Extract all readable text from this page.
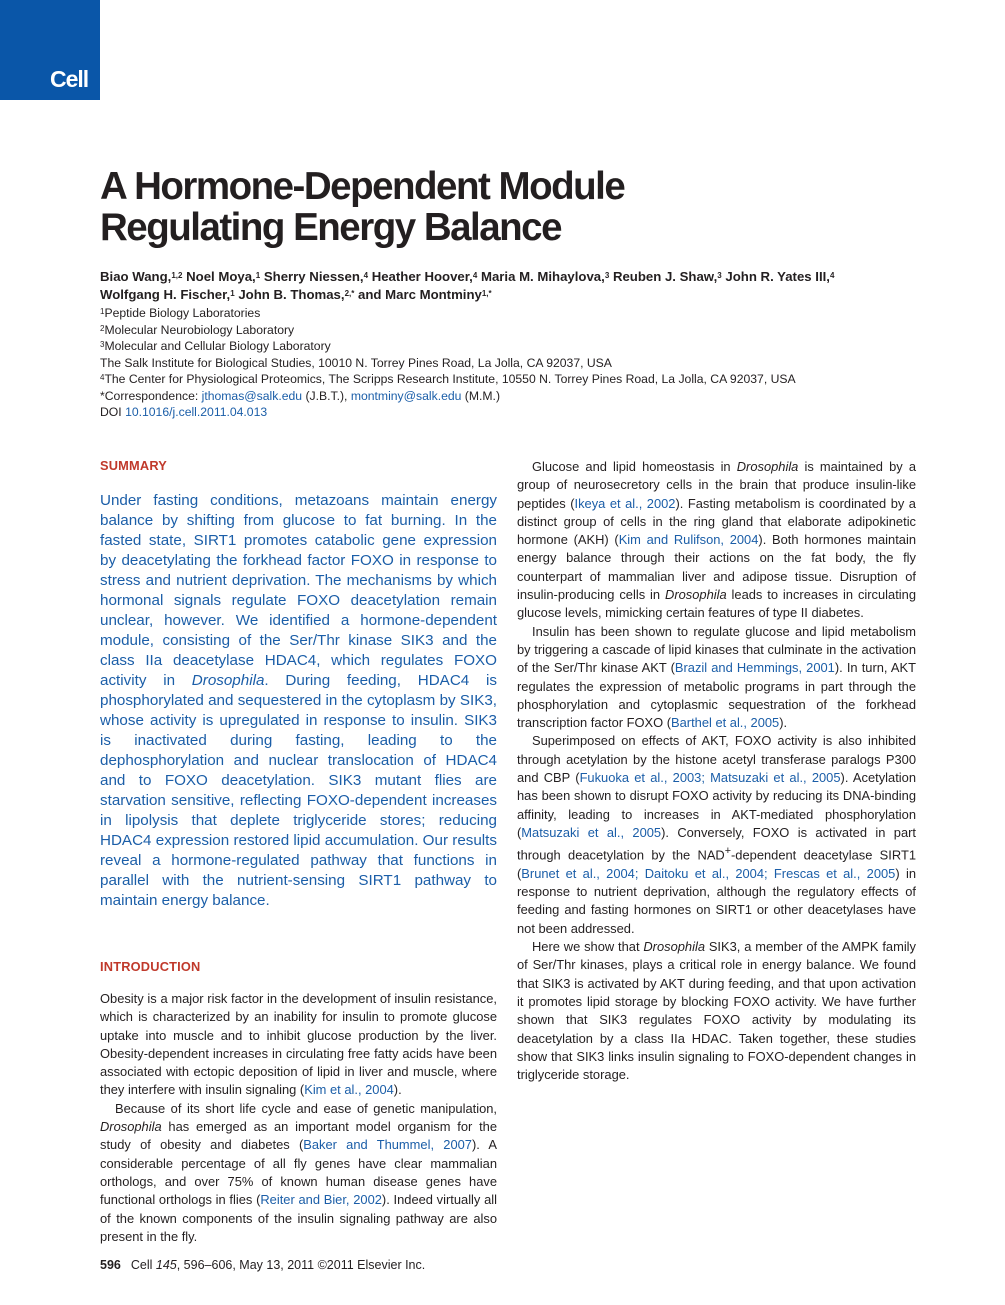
Cell
A Hormone-Dependent Module
Regulating Energy Balance
Biao Wang,$^{1,2}$ Noel Moya,$^1$ Sherry Niessen,$^4$ Heather Hoover,$^4$ Maria M. Mihaylova,$^3$ Reuben J. Shaw,$^3$ John R. Yates III,$^4$
Wolfgang H. Fischer,$^1$ John B. Thomas,$^{2,*}$ and Marc Montminy$^{1,*}$
$^1$Peptide Biology Laboratories
$^2$Molecular Neurobiology Laboratory
$^3$Molecular and Cellular Biology Laboratory
The Salk Institute for Biological Studies, 10010 N. Torrey Pines Road, La Jolla, CA 92037, USA
$^4$The Center for Physiological Proteomics, The Scripps Research Institute, 10550 N. Torrey Pines Road, La Jolla, CA 92037, USA
*Correspondence: jthomas@salk.edu (J.B.T.), montminy@salk.edu (M.M.)
DOI 10.1016/j.cell.2011.04.013
SUMMARY
Under fasting conditions, metazoans maintain energy balance by shifting from glucose to fat burning. In the fasted state, SIRT1 promotes catabolic gene expression by deacetylating the forkhead factor FOXO in response to stress and nutrient deprivation. The mechanisms by which hormonal signals regulate FOXO deacetylation remain unclear, however. We identified a hormone-dependent module, consisting of the Ser/Thr kinase SIK3 and the class IIa deacetylase HDAC4, which regulates FOXO activity in Drosophila. During feeding, HDAC4 is phosphorylated and sequestered in the cytoplasm by SIK3, whose activity is upregulated in response to insulin. SIK3 is inactivated during fasting, leading to the dephosphorylation and nuclear translocation of HDAC4 and to FOXO deacetylation. SIK3 mutant flies are starvation sensitive, reflecting FOXO-dependent increases in lipolysis that deplete triglyceride stores; reducing HDAC4 expression restored lipid accumulation. Our results reveal a hormone-regulated pathway that functions in parallel with the nutrient-sensing SIRT1 pathway to maintain energy balance.
INTRODUCTION

Obesity is a major risk factor in the development of insulin resistance, which is characterized by an inability for insulin to promote glucose uptake into muscle and to inhibit glucose production by the liver. Obesity-dependent increases in circulating free fatty acids have been associated with ectopic deposition of lipid in liver and muscle, where they interfere with insulin signaling (Kim et al., 2004).

Because of its short life cycle and ease of genetic manipulation, Drosophila has emerged as an important model organism for the study of obesity and diabetes (Baker and Thummel, 2007). A considerable percentage of all fly genes have clear mammalian orthologs, and over 75% of known human disease genes have functional orthologs in flies (Reiter and Bier, 2002). Indeed virtually all of the known components of the insulin signaling pathway are also present in the fly.

Glucose and lipid homeostasis in Drosophila is maintained by a group of neurosecretory cells in the brain that produce insulin-like peptides (Ikeya et al., 2002). Fasting metabolism is coordinated by a distinct group of cells in the ring gland that elaborate adipokinetic hormone (AKH) (Kim and Rulifson, 2004). Both hormones maintain energy balance through their actions on the fat body, the fly counterpart of mammalian liver and adipose tissue. Disruption of insulin-producing cells in Drosophila leads to increases in circulating glucose levels, mimicking certain features of type II diabetes.

Insulin has been shown to regulate glucose and lipid metabolism by triggering a cascade of lipid kinases that culminate in the activation of the Ser/Thr kinase AKT (Brazil and Hemmings, 2001). In turn, AKT regulates the expression of metabolic programs in part through the phosphorylation and cytoplasmic sequestration of the forkhead transcription factor FOXO (Barthel et al., 2005).

Superimposed on effects of AKT, FOXO activity is also inhibited through acetylation by the histone acetyl transferase paralogs P300 and CBP (Fukuoka et al., 2003; Matsuzaki et al., 2005). Acetylation has been shown to disrupt FOXO activity by reducing its DNA-binding affinity, leading to increases in AKT-mediated phosphorylation (Matsuzaki et al., 2005). Conversely, FOXO is activated in part through deacetylation by the NAD+-dependent deacetylase SIRT1 (Brunet et al., 2004; Daitoku et al., 2004; Frescas et al., 2005) in response to nutrient deprivation, although the regulatory effects of feeding and fasting hormones on SIRT1 or other deacetylases have not been addressed.

Here we show that Drosophila SIK3, a member of the AMPK family of Ser/Thr kinases, plays a critical role in energy balance. We found that SIK3 is activated by AKT during feeding, and that upon activation it promotes lipid storage by blocking FOXO activity. We have further shown that SIK3 regulates FOXO activity by modulating its deacetylation by a class IIa HDAC. Taken together, these studies show that SIK3 links insulin signaling to FOXO-dependent changes in triglyceride storage.

596 Cell 145, 596–606, May 13, 2011 ©2011 Elsevier Inc.
